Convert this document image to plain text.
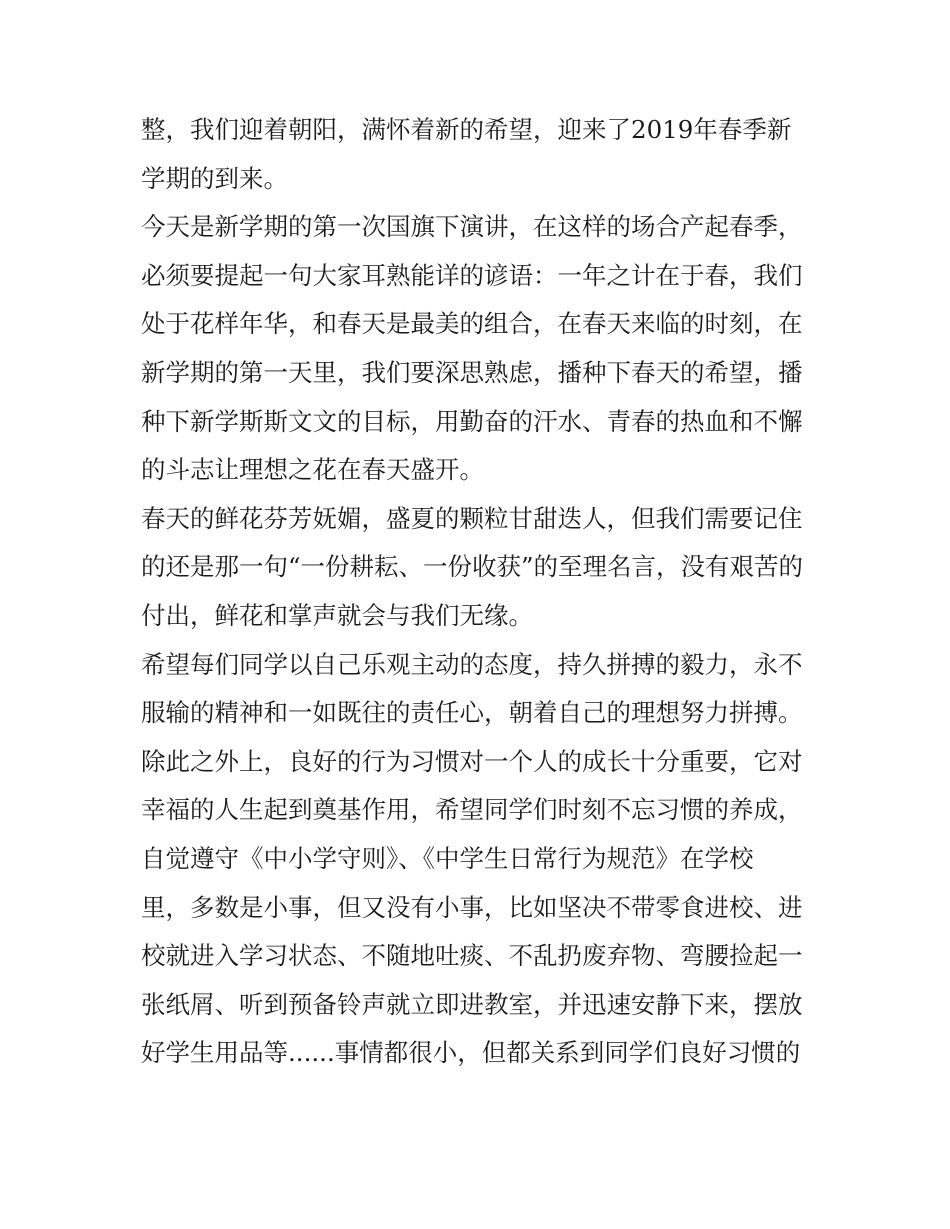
整，我们迎着朝阳，满怀着新的希望，迎来了2019年春季新
学期的到来。
今天是新学期的第一次国旗下演讲，在这样的场合产起春季，
必须要提起一句大家耳熟能详的谚语：一年之计在于春，我们
处于花样年华，和春天是最美的组合，在春天来临的时刻，在
新学期的第一天里，我们要深思熟虑，播种下春天的希望，播
种下新学斯斯文文的目标，用勤奋的汗水、青春的热血和不懈
的斗志让理想之花在春天盛开。
春天的鲜花芬芳妩媚，盛夏的颗粒甘甜迭人，但我们需要记住
的还是那一句“一份耕耘、一份收获”的至理名言，没有艰苦的
付出，鲜花和掌声就会与我们无缘。
希望每们同学以自己乐观主动的态度，持久拼搏的毅力，永不
服输的精神和一如既往的责任心，朝着自己的理想努力拼搏。
除此之外上，良好的行为习惯对一个人的成长十分重要，它对
幸福的人生起到奠基作用，希望同学们时刻不忘习惯的养成，
自觉遵守《中小学守则》、《中学生日常行为规范》在学校
里，多数是小事，但又没有小事，比如坚决不带零食进校、进
校就进入学习状态、不随地吐痰、不乱扔废弃物、弯腰捡起一
张纸屑、听到预备铃声就立即进教室，并迅速安静下来，摆放
好学生用品等......事情都很小，但都关系到同学们良好习惯的
